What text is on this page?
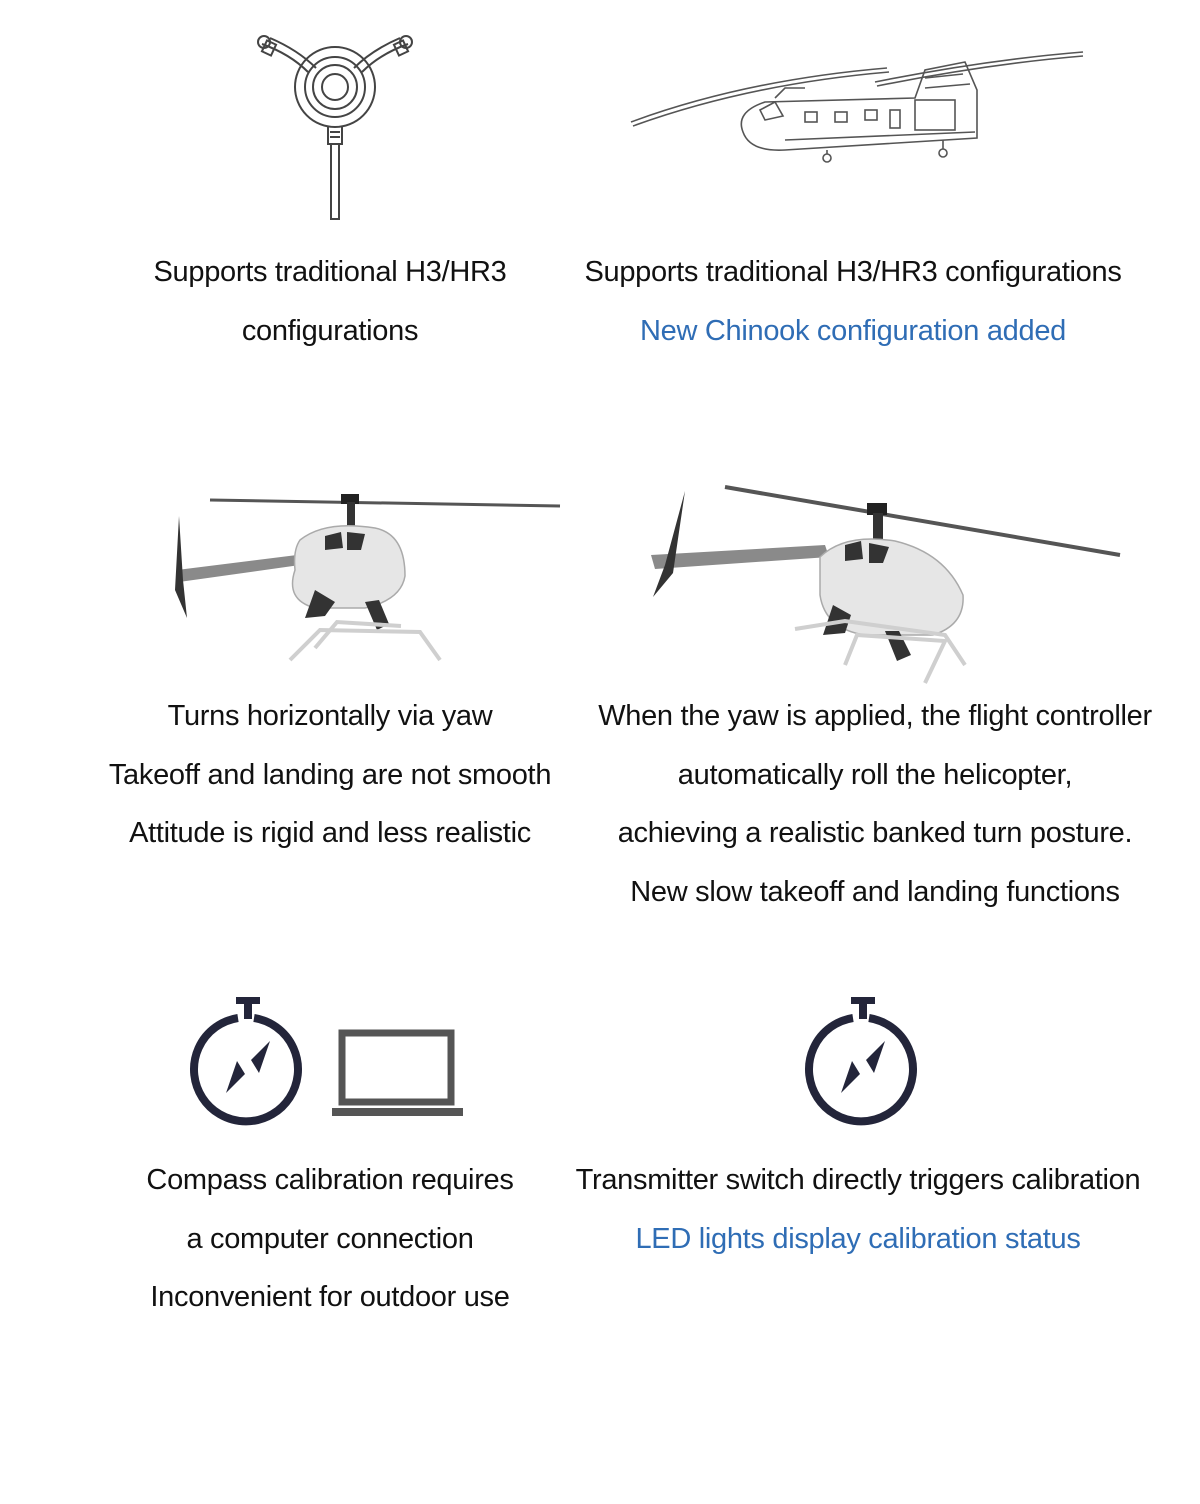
Supports traditional H3/HR3
configurations
Supports traditional H3/HR3 configurations
New Chinook configuration added
Turns horizontally via yaw
Takeoff and landing are not smooth
Attitude is rigid and less realistic
When the yaw is applied, the flight controller
automatically roll the helicopter,
achieving a realistic banked turn posture.
New slow takeoff and landing functions
Compass calibration requires
a computer connection
Inconvenient for outdoor use
Transmitter switch directly triggers calibration
LED lights display calibration status
